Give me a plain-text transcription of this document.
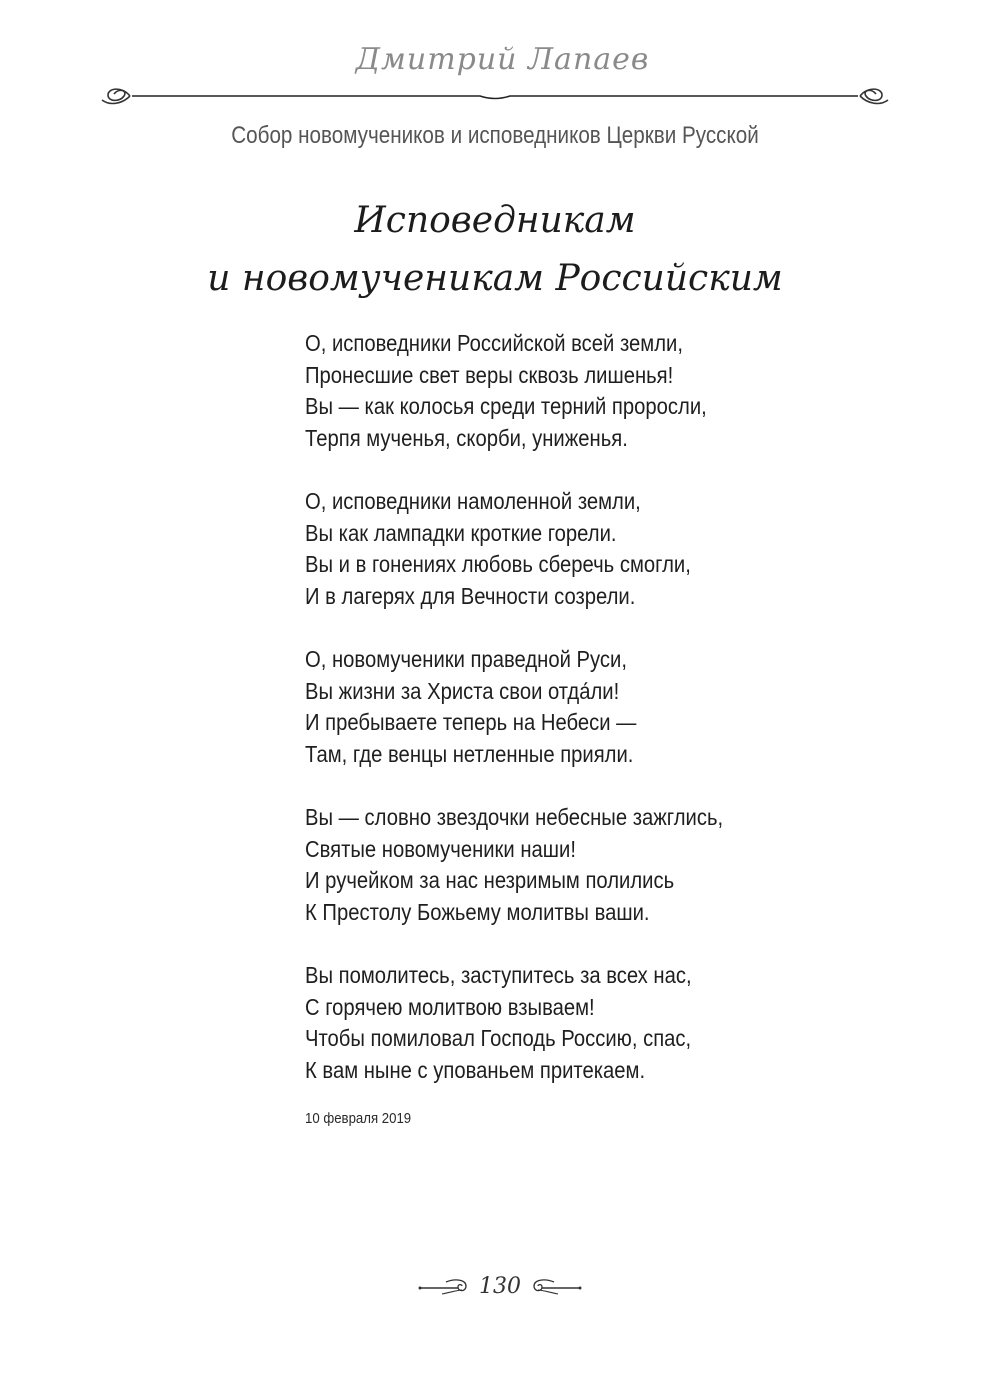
Дмитрий Лапаев
Собор новомучеников и исповедников Церкви Русской
Исповедникам
и новомученикам Российским
О, исповедники Российской всей земли,
Пронесшие свет веры сквозь лишенья!
Вы — как колосья среди терний проросли,
Терпя мученья, скорби, униженья.
О, исповедники намоленной земли,
Вы как лампадки кроткие горели.
Вы и в гонениях любовь сберечь смогли,
И в лагерях для Вечности созрели.
О, новомученики праведной Руси,
Вы жизни за Христа свои отда́ли!
И пребываете теперь на Небеси —
Там, где венцы нетленные прияли.
Вы — словно звездочки небесные зажглись,
Святые новомученики наши!
И ручейком за нас незримым полились
К Престолу Божьему молитвы ваши.
Вы помолитесь, заступитесь за всех нас,
С горячею молитвою взываем!
Чтобы помиловал Господь Россию, спас,
К вам ныне с упованьем притекаем.
10 февраля 2019
130
